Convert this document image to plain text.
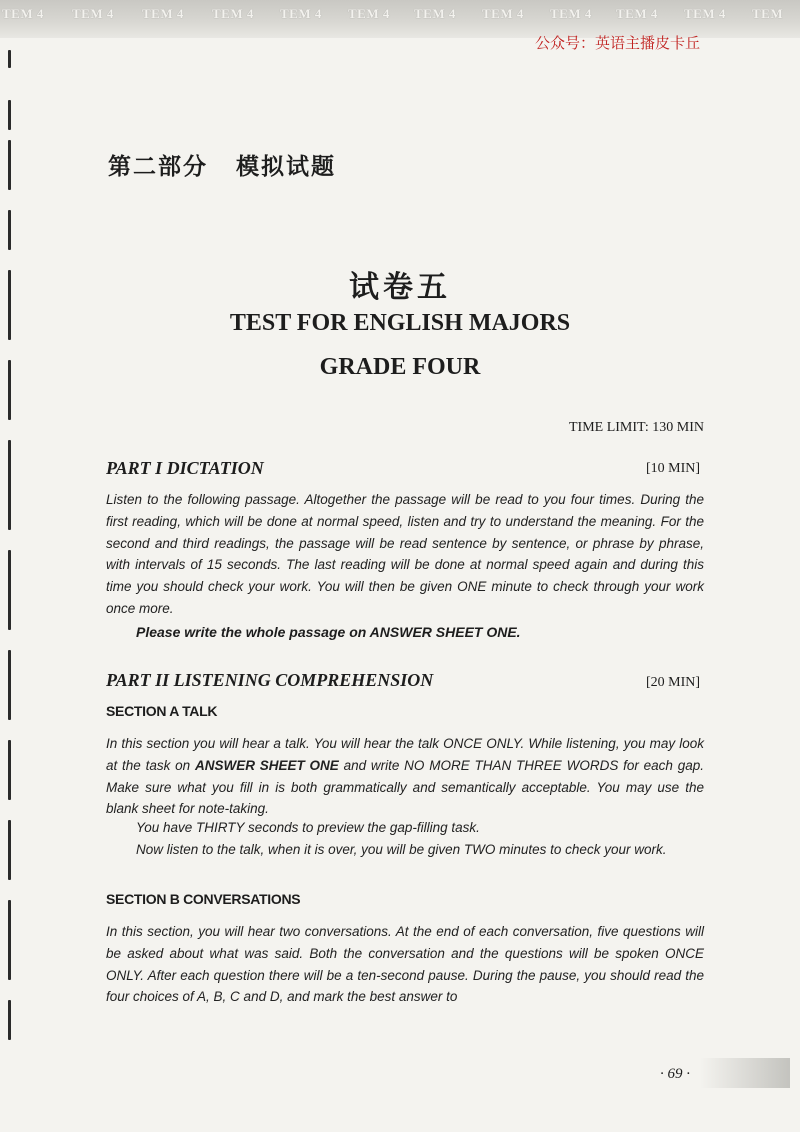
TEM 4 TEM 4 TEM 4 TEM 4 TEM 4 TEM 4 TEM 4 TEM 4 TEM 4 TEM 4 TEM 4 TEM
公众号：英语主播皮卡丘
第二部分 模拟试题
试卷五
TEST FOR ENGLISH MAJORS
GRADE FOUR
TIME LIMIT: 130 MIN
PART I DICTATION	[10 MIN]
Listen to the following passage. Altogether the passage will be read to you four times. During the first reading, which will be done at normal speed, listen and try to understand the meaning. For the second and third readings, the passage will be read sentence by sentence, or phrase by phrase, with intervals of 15 seconds. The last reading will be done at normal speed again and during this time you should check your work. You will then be given ONE minute to check through your work once more.
Please write the whole passage on ANSWER SHEET ONE.
PART II LISTENING COMPREHENSION	[20 MIN]
SECTION A TALK
In this section you will hear a talk. You will hear the talk ONCE ONLY. While listening, you may look at the task on ANSWER SHEET ONE and write NO MORE THAN THREE WORDS for each gap. Make sure what you fill in is both grammatically and semantically acceptable. You may use the blank sheet for note-taking.
You have THIRTY seconds to preview the gap-filling task.
Now listen to the talk, when it is over, you will be given TWO minutes to check your work.
SECTION B CONVERSATIONS
In this section, you will hear two conversations. At the end of each conversation, five questions will be asked about what was said. Both the conversation and the questions will be spoken ONCE ONLY. After each question there will be a ten-second pause. During the pause, you should read the four choices of A, B, C and D, and mark the best answer to
· 69 ·
